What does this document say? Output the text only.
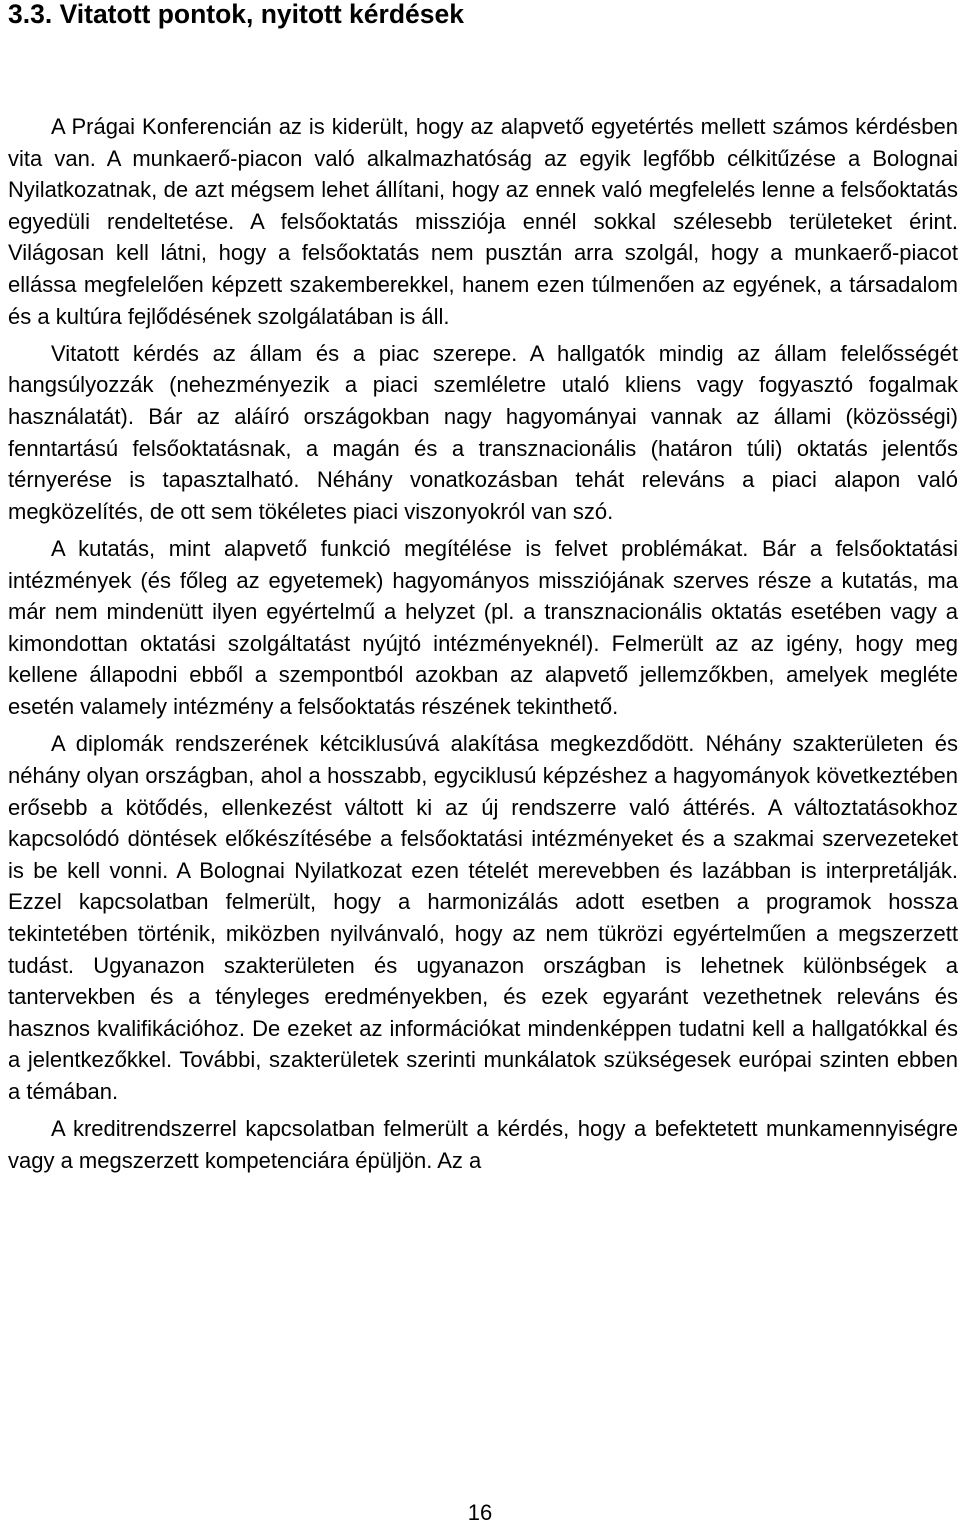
3.3. Vitatott pontok, nyitott kérdések

A Prágai Konferencián az is kiderült, hogy az alapvető egyetértés mellett számos kérdésben vita van. A munkaerő-piacon való alkalmazhatóság az egyik legfőbb célkitűzése a Bolognai Nyilatkozatnak, de azt mégsem lehet állítani, hogy az ennek való megfelelés lenne a felsőoktatás egyedüli rendeltetése. A felsőoktatás missziója ennél sokkal szélesebb területeket érint. Világosan kell látni, hogy a felsőoktatás nem pusztán arra szolgál, hogy a munkaerő-piacot ellássa megfelelően képzett szakemberekkel, hanem ezen túlmenően az egyének, a társadalom és a kultúra fejlődésének szolgálatában is áll.

Vitatott kérdés az állam és a piac szerepe. A hallgatók mindig az állam felelősségét hangsúlyozzák (nehezményezik a piaci szemléletre utaló kliens vagy fogyasztó fogalmak használatát). Bár az aláíró országokban nagy hagyományai vannak az állami (közösségi) fenntartású felsőoktatásnak, a magán és a transznacionális (határon túli) oktatás jelentős térnyerése is tapasztalható. Néhány vonatkozásban tehát releváns a piaci alapon való megközelítés, de ott sem tökéletes piaci viszonyokról van szó.

A kutatás, mint alapvető funkció megítélése is felvet problémákat. Bár a felsőoktatási intézmények (és főleg az egyetemek) hagyományos missziójának szerves része a kutatás, ma már nem mindenütt ilyen egyértelmű a helyzet (pl. a transznacionális oktatás esetében vagy a kimondottan oktatási szolgáltatást nyújtó intézményeknél). Felmerült az az igény, hogy meg kellene állapodni ebből a szempontból azokban az alapvető jellemzőkben, amelyek megléte esetén valamely intézmény a felsőoktatás részének tekinthető.

A diplomák rendszerének kétciklusúvá alakítása megkezdődött. Néhány szakterületen és néhány olyan országban, ahol a hosszabb, egyciklusú képzéshez a hagyományok következtében erősebb a kötődés, ellenkezést váltott ki az új rendszerre való áttérés. A változtatásokhoz kapcsolódó döntések előkészítésébe a felsőoktatási intézményeket és a szakmai szervezeteket is be kell vonni. A Bolognai Nyilatkozat ezen tételét merevebben és lazábban is interpretálják. Ezzel kapcsolatban felmerült, hogy a harmonizálás adott esetben a programok hossza tekintetében történik, miközben nyilvánvaló, hogy az nem tükrözi egyértelműen a megszerzett tudást. Ugyanazon szakterületen és ugyanazon országban is lehetnek különbségek a tantervekben és a tényleges eredményekben, és ezek egyaránt vezethetnek releváns és hasznos kvalifikációhoz. De ezeket az információkat mindenképpen tudatni kell a hallgatókkal és a jelentkezőkkel. További, szakterületek szerinti munkálatok szükségesek európai szinten ebben a témában.

A kreditrendszerrel kapcsolatban felmerült a kérdés, hogy a befektetett munkamennyiségre vagy a megszerzett kompetenciára épüljön. Az a

16
